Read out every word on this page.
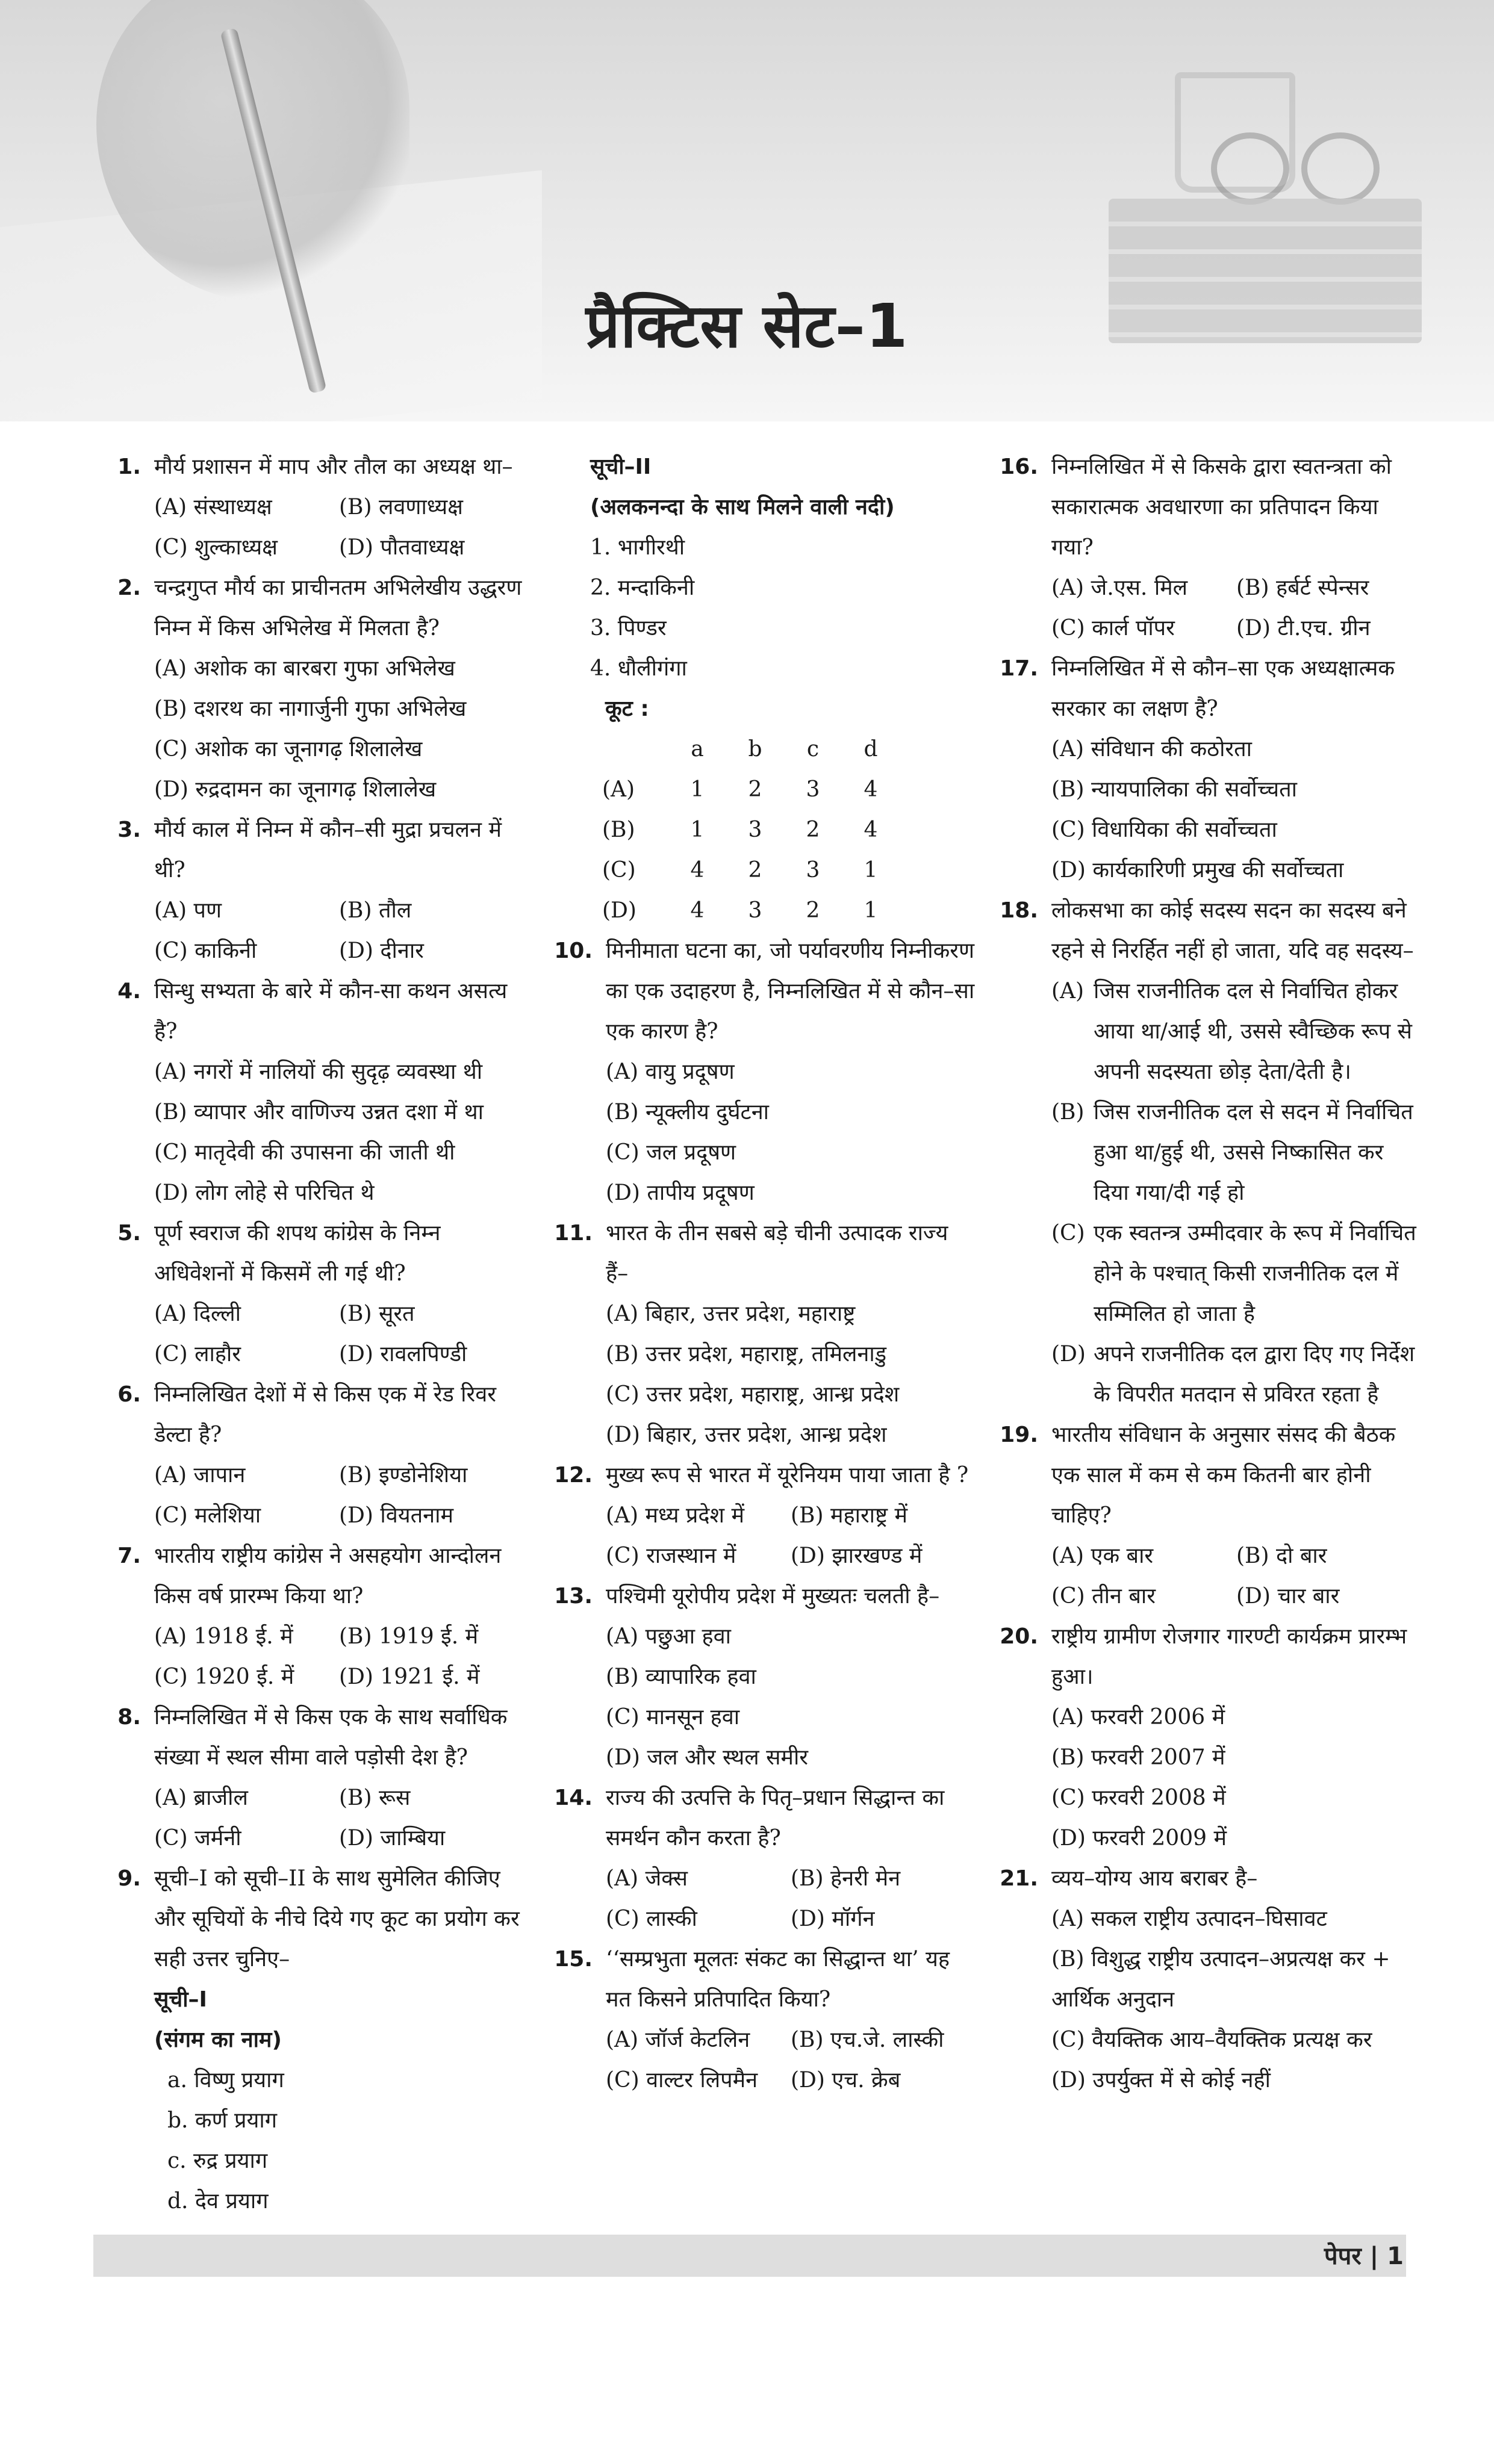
प्रैक्टिस सेट–1
1. मौर्य प्रशासन में माप और तौल का अध्यक्ष था–
(A) संस्थाध्यक्ष	(B) लवणाध्यक्ष
(C) शुल्काध्यक्ष	(D) पौतवाध्यक्ष
2. चन्द्रगुप्त मौर्य का प्राचीनतम अभिलेखीय उद्धरण निम्न में किस अभिलेख में मिलता है?
(A) अशोक का बारबरा गुफा अभिलेख
(B) दशरथ का नागार्जुनी गुफा अभिलेख
(C) अशोक का जूनागढ़ शिलालेख
(D) रुद्रदामन का जूनागढ़ शिलालेख
3. मौर्य काल में निम्न में कौन–सी मुद्रा प्रचलन में थी?
(A) पण	(B) तौल
(C) काकिनी	(D) दीनार
4. सिन्धु सभ्यता के बारे में कौन-सा कथन असत्य है?
(A) नगरों में नालियों की सुदृढ़ व्यवस्था थी
(B) व्यापार और वाणिज्य उन्नत दशा में था
(C) मातृदेवी की उपासना की जाती थी
(D) लोग लोहे से परिचित थे
5. पूर्ण स्वराज की शपथ कांग्रेस के निम्न अधिवेशनों में किसमें ली गई थी?
(A) दिल्ली	(B) सूरत
(C) लाहौर	(D) रावलपिण्डी
6. निम्नलिखित देशों में से किस एक में रेड रिवर डेल्टा है?
(A) जापान	(B) इण्डोनेशिया
(C) मलेशिया	(D) वियतनाम
7. भारतीय राष्ट्रीय कांग्रेस ने असहयोग आन्दोलन किस वर्ष प्रारम्भ किया था?
(A) 1918 ई. में	(B) 1919 ई. में
(C) 1920 ई. में	(D) 1921 ई. में
8. निम्नलिखित में से किस एक के साथ सर्वाधिक संख्या में स्थल सीमा वाले पड़ोसी देश है?
(A) ब्राजील	(B) रूस
(C) जर्मनी	(D) जाम्बिया
9. सूची–I को सूची–II के साथ सुमेलित कीजिए और सूचियों के नीचे दिये गए कूट का प्रयोग कर सही उत्तर चुनिए–
सूची–I
(संगम का नाम)
a. विष्णु प्रयाग
b. कर्ण प्रयाग
c. रुद्र प्रयाग
d. देव प्रयाग
सूची–II
(अलकनन्दा के साथ मिलने वाली नदी)
1. भागीरथी
2. मन्दाकिनी
3. पिण्डर
4. धौलीगंगा
कूट :
	a	b	c	d
(A)	1	2	3	4
(B)	1	3	2	4
(C)	4	2	3	1
(D)	4	3	2	1
10. मिनीमाता घटना का, जो पर्यावरणीय निम्नीकरण का एक उदाहरण है, निम्नलिखित में से कौन–सा एक कारण है?
(A) वायु प्रदूषण
(B) न्यूक्लीय दुर्घटना
(C) जल प्रदूषण
(D) तापीय प्रदूषण
11. भारत के तीन सबसे बड़े चीनी उत्पादक राज्य हैं–
(A) बिहार, उत्तर प्रदेश, महाराष्ट्र
(B) उत्तर प्रदेश, महाराष्ट्र, तमिलनाडु
(C) उत्तर प्रदेश, महाराष्ट्र, आन्ध्र प्रदेश
(D) बिहार, उत्तर प्रदेश, आन्ध्र प्रदेश
12. मुख्य रूप से भारत में यूरेनियम पाया जाता है ?
(A) मध्य प्रदेश में	(B) महाराष्ट्र में
(C) राजस्थान में	(D) झारखण्ड में
13. पश्चिमी यूरोपीय प्रदेश में मुख्यतः चलती है–
(A) पछुआ हवा
(B) व्यापारिक हवा
(C) मानसून हवा
(D) जल और स्थल समीर
14. राज्य की उत्पत्ति के पितृ–प्रधान सिद्धान्त का समर्थन कौन करता है?
(A) जेक्स	(B) हेनरी मेन
(C) लास्की	(D) मॉर्गन
15. ‘‘सम्प्रभुता मूलतः संकट का सिद्धान्त था’ यह मत किसने प्रतिपादित किया?
(A) जॉर्ज केटलिन	(B) एच.जे. लास्की
(C) वाल्टर लिपमैन	(D) एच. क्रेब
16. निम्नलिखित में से किसके द्वारा स्वतन्त्रता को सकारात्मक अवधारणा का प्रतिपादन किया गया?
(A) जे.एस. मिल	(B) हर्बर्ट स्पेन्सर
(C) कार्ल पॉपर	(D) टी.एच. ग्रीन
17. निम्नलिखित में से कौन–सा एक अध्यक्षात्मक सरकार का लक्षण है?
(A) संविधान की कठोरता
(B) न्यायपालिका की सर्वोच्चता
(C) विधायिका की सर्वोच्चता
(D) कार्यकारिणी प्रमुख की सर्वोच्चता
18. लोकसभा का कोई सदस्य सदन का सदस्य बने रहने से निरर्हित नहीं हो जाता, यदि वह सदस्य–
(A) जिस राजनीतिक दल से निर्वाचित होकर आया था/आई थी, उससे स्वैच्छिक रूप से अपनी सदस्यता छोड़ देता/देती है।
(B) जिस राजनीतिक दल से सदन में निर्वाचित हुआ था/हुई थी, उससे निष्कासित कर दिया गया/दी गई हो
(C) एक स्वतन्त्र उम्मीदवार के रूप में निर्वाचित होने के पश्चात् किसी राजनीतिक दल में सम्मिलित हो जाता है
(D) अपने राजनीतिक दल द्वारा दिए गए निर्देश के विपरीत मतदान से प्रविरत रहता है
19. भारतीय संविधान के अनुसार संसद की बैठक एक साल में कम से कम कितनी बार होनी चाहिए?
(A) एक बार	(B) दो बार
(C) तीन बार	(D) चार बार
20. राष्ट्रीय ग्रामीण रोजगार गारण्टी कार्यक्रम प्रारम्भ हुआ।
(A) फरवरी 2006 में
(B) फरवरी 2007 में
(C) फरवरी 2008 में
(D) फरवरी 2009 में
21. व्यय–योग्य आय बराबर है–
(A) सकल राष्ट्रीय उत्पादन–घिसावट
(B) विशुद्ध राष्ट्रीय उत्पादन–अप्रत्यक्ष कर + आर्थिक अनुदान
(C) वैयक्तिक आय–वैयक्तिक प्रत्यक्ष कर
(D) उपर्युक्त में से कोई नहीं
पेपर | 1
